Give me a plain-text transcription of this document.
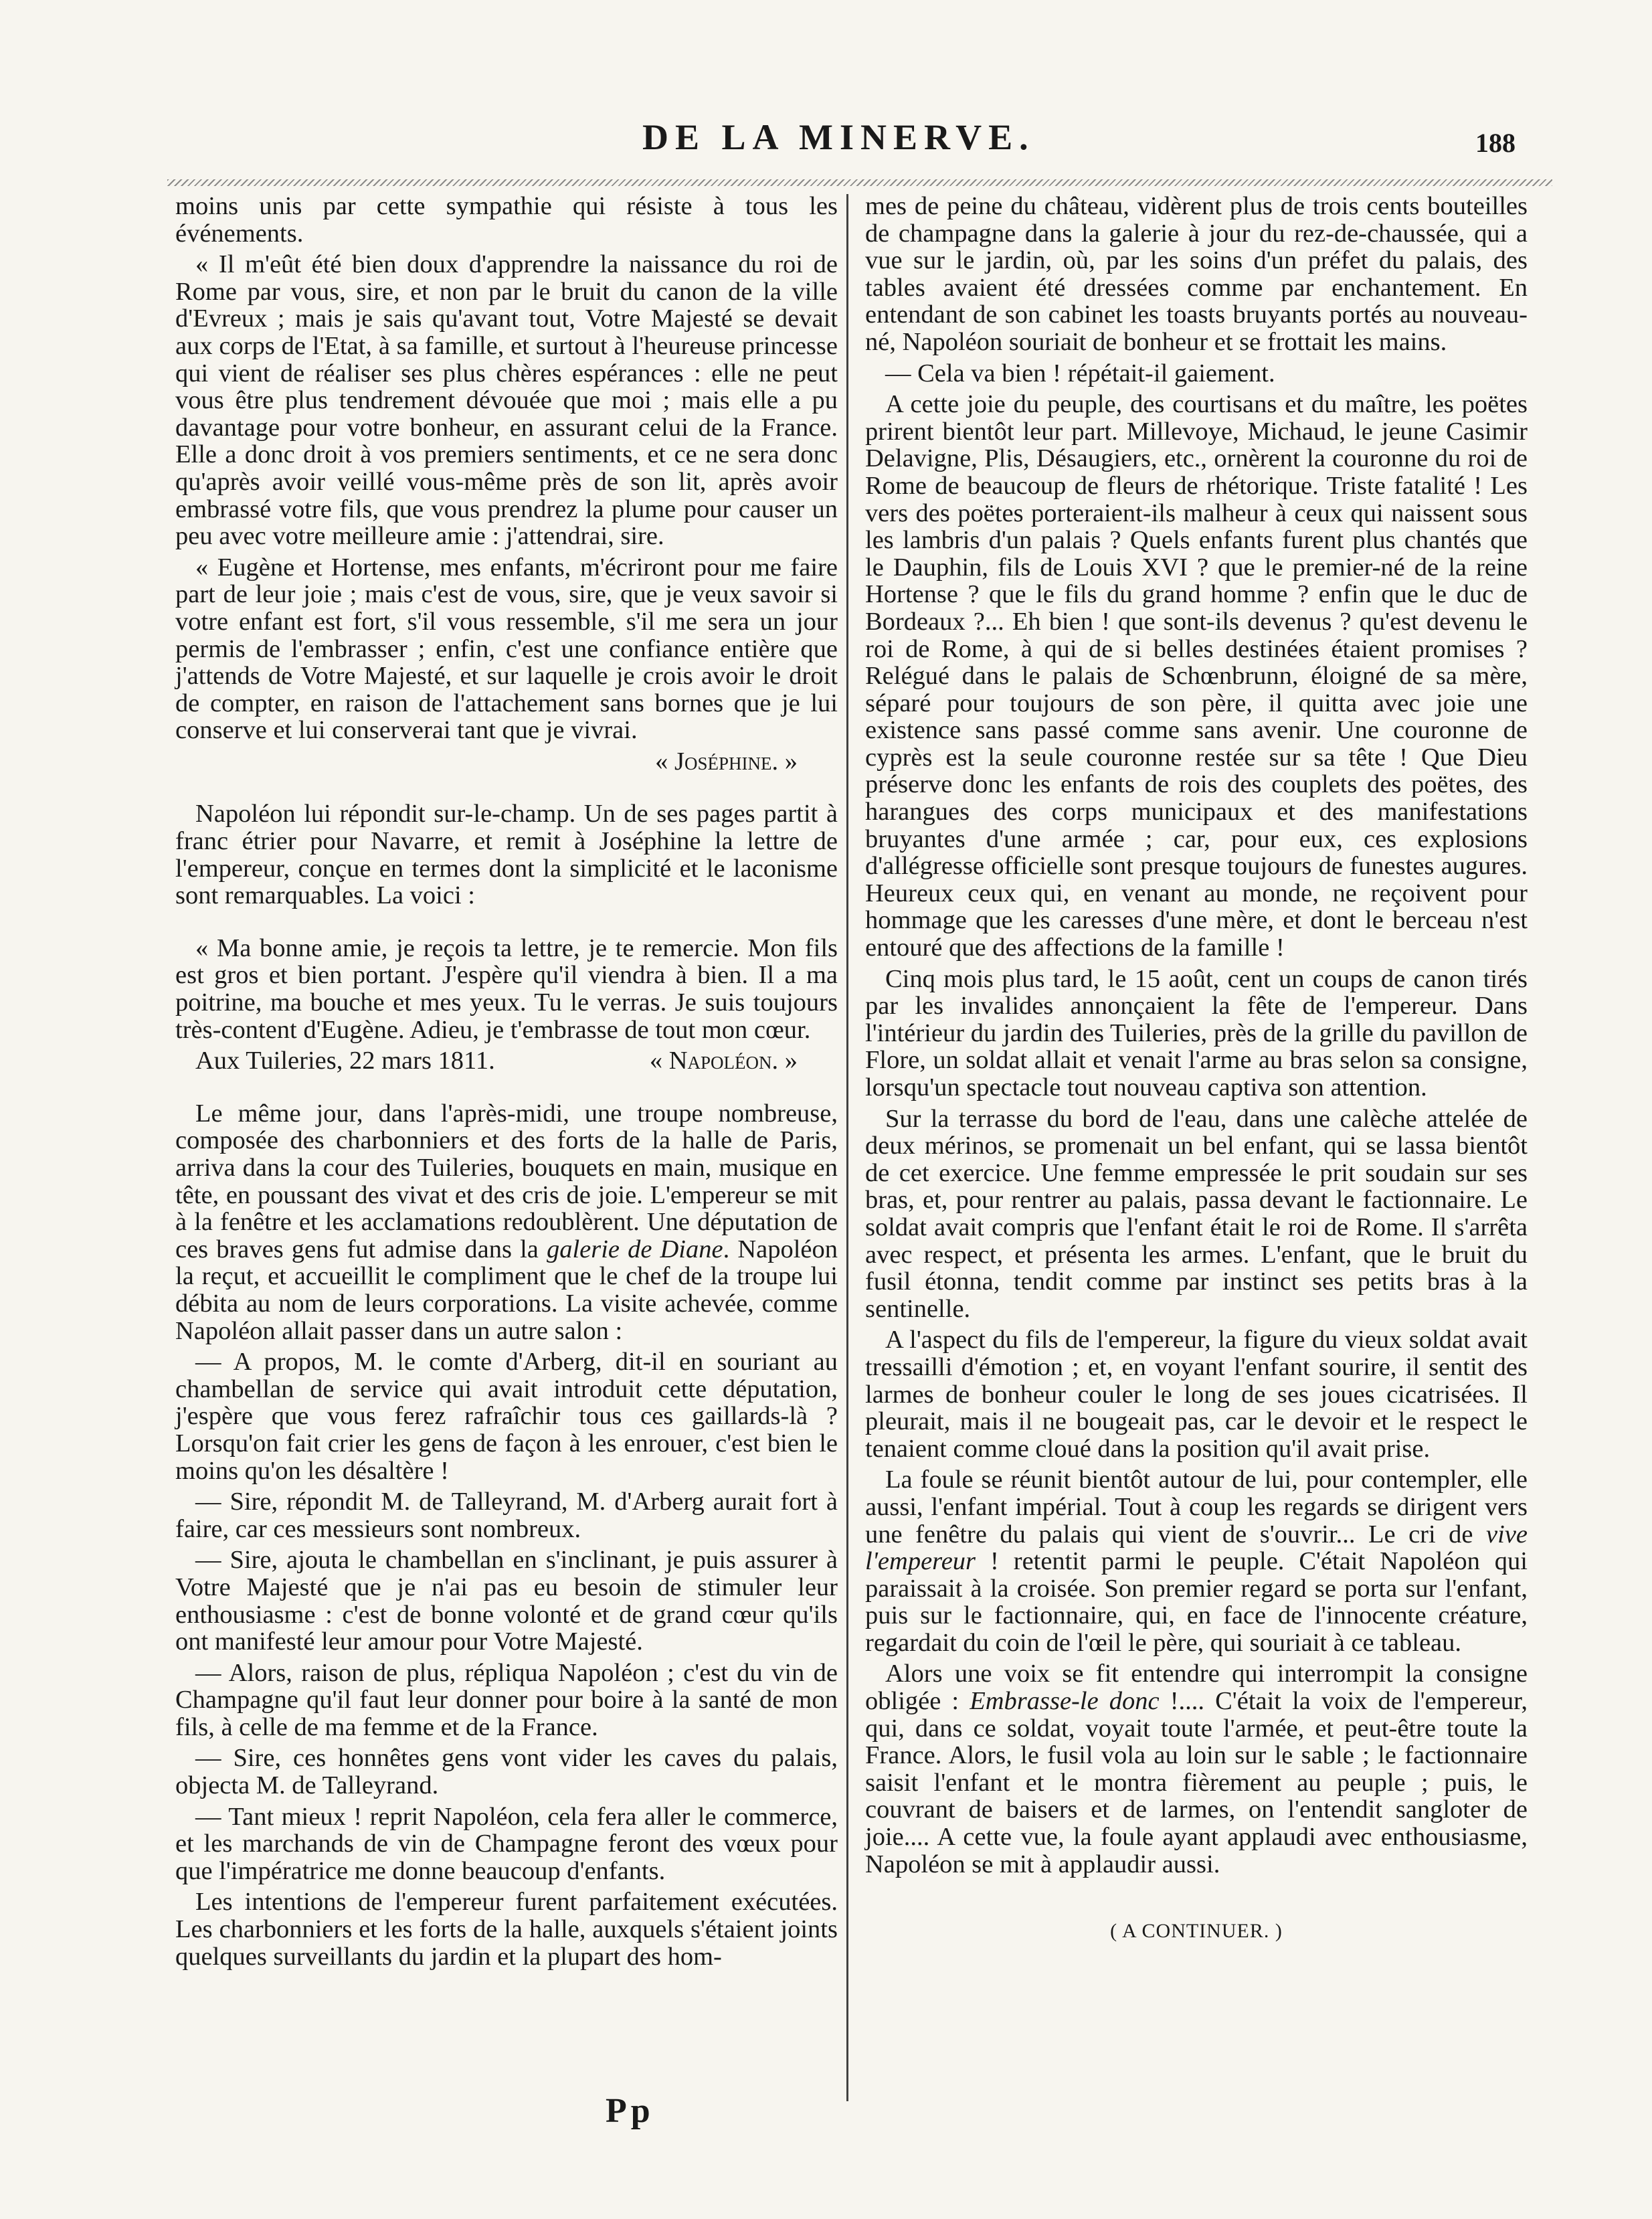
DE LA MINERVE.	188

moins unis par cette sympathie qui résiste à tous les événements.

« Il m'eût été bien doux d'apprendre la naissance du roi de Rome par vous, sire, et non par le bruit du canon de la ville d'Evreux ; mais je sais qu'avant tout, Votre Majesté se devait aux corps de l'Etat, à sa famille, et surtout à l'heureuse princesse qui vient de réaliser ses plus chères espérances : elle ne peut vous être plus tendrement dévouée que moi ; mais elle a pu davantage pour votre bonheur, en assurant celui de la France. Elle a donc droit à vos premiers sentiments, et ce ne sera donc qu'après avoir veillé vous-même près de son lit, après avoir embrassé votre fils, que vous prendrez la plume pour causer un peu avec votre meilleure amie : j'attendrai, sire.

« Eugène et Hortense, mes enfants, m'écriront pour me faire part de leur joie ; mais c'est de vous, sire, que je veux savoir si votre enfant est fort, s'il vous ressemble, s'il me sera un jour permis de l'embrasser ; enfin, c'est une confiance entière que j'attends de Votre Majesté, et sur laquelle je crois avoir le droit de compter, en raison de l'attachement sans bornes que je lui conserve et lui conserverai tant que je vivrai.

« Joséphine. »

Napoléon lui répondit sur-le-champ. Un de ses pages partit à franc étrier pour Navarre, et remit à Joséphine la lettre de l'empereur, conçue en termes dont la simplicité et le laconisme sont remarquables. La voici :

« Ma bonne amie, je reçois ta lettre, je te remercie. Mon fils est gros et bien portant. J'espère qu'il viendra à bien. Il a ma poitrine, ma bouche et mes yeux. Tu le verras. Je suis toujours très-content d'Eugène. Adieu, je t'embrasse de tout mon cœur.

Aux Tuileries, 22 mars 1811.	« Napoléon. »

Le même jour, dans l'après-midi, une troupe nombreuse, composée des charbonniers et des forts de la halle de Paris, arriva dans la cour des Tuileries, bouquets en main, musique en tête, en poussant des vivat et des cris de joie. L'empereur se mit à la fenêtre et les acclamations redoublèrent. Une députation de ces braves gens fut admise dans la galerie de Diane. Napoléon la reçut, et accueillit le compliment que le chef de la troupe lui débita au nom de leurs corporations. La visite achevée, comme Napoléon allait passer dans un autre salon :

— A propos, M. le comte d'Arberg, dit-il en souriant au chambellan de service qui avait introduit cette députation, j'espère que vous ferez rafraîchir tous ces gaillards-là ? Lorsqu'on fait crier les gens de façon à les enrouer, c'est bien le moins qu'on les désaltère !

— Sire, répondit M. de Talleyrand, M. d'Arberg aurait fort à faire, car ces messieurs sont nombreux.

— Sire, ajouta le chambellan en s'inclinant, je puis assurer à Votre Majesté que je n'ai pas eu besoin de stimuler leur enthousiasme : c'est de bonne volonté et de grand cœur qu'ils ont manifesté leur amour pour Votre Majesté.

— Alors, raison de plus, répliqua Napoléon ; c'est du vin de Champagne qu'il faut leur donner pour boire à la santé de mon fils, à celle de ma femme et de la France.

— Sire, ces honnêtes gens vont vider les caves du palais, objecta M. de Talleyrand.

— Tant mieux ! reprit Napoléon, cela fera aller le commerce, et les marchands de vin de Champagne feront des vœux pour que l'impératrice me donne beaucoup d'enfants.

Les intentions de l'empereur furent parfaitement exécutées. Les charbonniers et les forts de la halle, auxquels s'étaient joints quelques surveillants du jardin et la plupart des hom-

mes de peine du château, vidèrent plus de trois cents bouteilles de champagne dans la galerie à jour du rez-de-chaussée, qui a vue sur le jardin, où, par les soins d'un préfet du palais, des tables avaient été dressées comme par enchantement. En entendant de son cabinet les toasts bruyants portés au nouveau-né, Napoléon souriait de bonheur et se frottait les mains.

— Cela va bien ! répétait-il gaiement.

A cette joie du peuple, des courtisans et du maître, les poëtes prirent bientôt leur part. Millevoye, Michaud, le jeune Casimir Delavigne, Plis, Désaugiers, etc., ornèrent la couronne du roi de Rome de beaucoup de fleurs de rhétorique. Triste fatalité ! Les vers des poëtes porteraient-ils malheur à ceux qui naissent sous les lambris d'un palais ? Quels enfants furent plus chantés que le Dauphin, fils de Louis XVI ? que le premier-né de la reine Hortense ? que le fils du grand homme ? enfin que le duc de Bordeaux ?... Eh bien ! que sont-ils devenus ? qu'est devenu le roi de Rome, à qui de si belles destinées étaient promises ? Relégué dans le palais de Schœnbrunn, éloigné de sa mère, séparé pour toujours de son père, il quitta avec joie une existence sans passé comme sans avenir. Une couronne de cyprès est la seule couronne restée sur sa tête ! Que Dieu préserve donc les enfants de rois des couplets des poëtes, des harangues des corps municipaux et des manifestations bruyantes d'une armée ; car, pour eux, ces explosions d'allégresse officielle sont presque toujours de funestes augures. Heureux ceux qui, en venant au monde, ne reçoivent pour hommage que les caresses d'une mère, et dont le berceau n'est entouré que des affections de la famille !

Cinq mois plus tard, le 15 août, cent un coups de canon tirés par les invalides annonçaient la fête de l'empereur. Dans l'intérieur du jardin des Tuileries, près de la grille du pavillon de Flore, un soldat allait et venait l'arme au bras selon sa consigne, lorsqu'un spectacle tout nouveau captiva son attention.

Sur la terrasse du bord de l'eau, dans une calèche attelée de deux mérinos, se promenait un bel enfant, qui se lassa bientôt de cet exercice. Une femme empressée le prit soudain sur ses bras, et, pour rentrer au palais, passa devant le factionnaire. Le soldat avait compris que l'enfant était le roi de Rome. Il s'arrêta avec respect, et présenta les armes. L'enfant, que le bruit du fusil étonna, tendit comme par instinct ses petits bras à la sentinelle.

A l'aspect du fils de l'empereur, la figure du vieux soldat avait tressailli d'émotion ; et, en voyant l'enfant sourire, il sentit des larmes de bonheur couler le long de ses joues cicatrisées. Il pleurait, mais il ne bougeait pas, car le devoir et le respect le tenaient comme cloué dans la position qu'il avait prise.

La foule se réunit bientôt autour de lui, pour contempler, elle aussi, l'enfant impérial. Tout à coup les regards se dirigent vers une fenêtre du palais qui vient de s'ouvrir... Le cri de vive l'empereur ! retentit parmi le peuple. C'était Napoléon qui paraissait à la croisée. Son premier regard se porta sur l'enfant, puis sur le factionnaire, qui, en face de l'innocente créature, regardait du coin de l'œil le père, qui souriait à ce tableau.

Alors une voix se fit entendre qui interrompit la consigne obligée : Embrasse-le donc !.... C'était la voix de l'empereur, qui, dans ce soldat, voyait toute l'armée, et peut-être toute la France. Alors, le fusil vola au loin sur le sable ; le factionnaire saisit l'enfant et le montra fièrement au peuple ; puis, le couvrant de baisers et de larmes, on l'entendit sangloter de joie.... A cette vue, la foule ayant applaudi avec enthousiasme, Napoléon se mit à applaudir aussi.

( A CONTINUER. )
Pp
